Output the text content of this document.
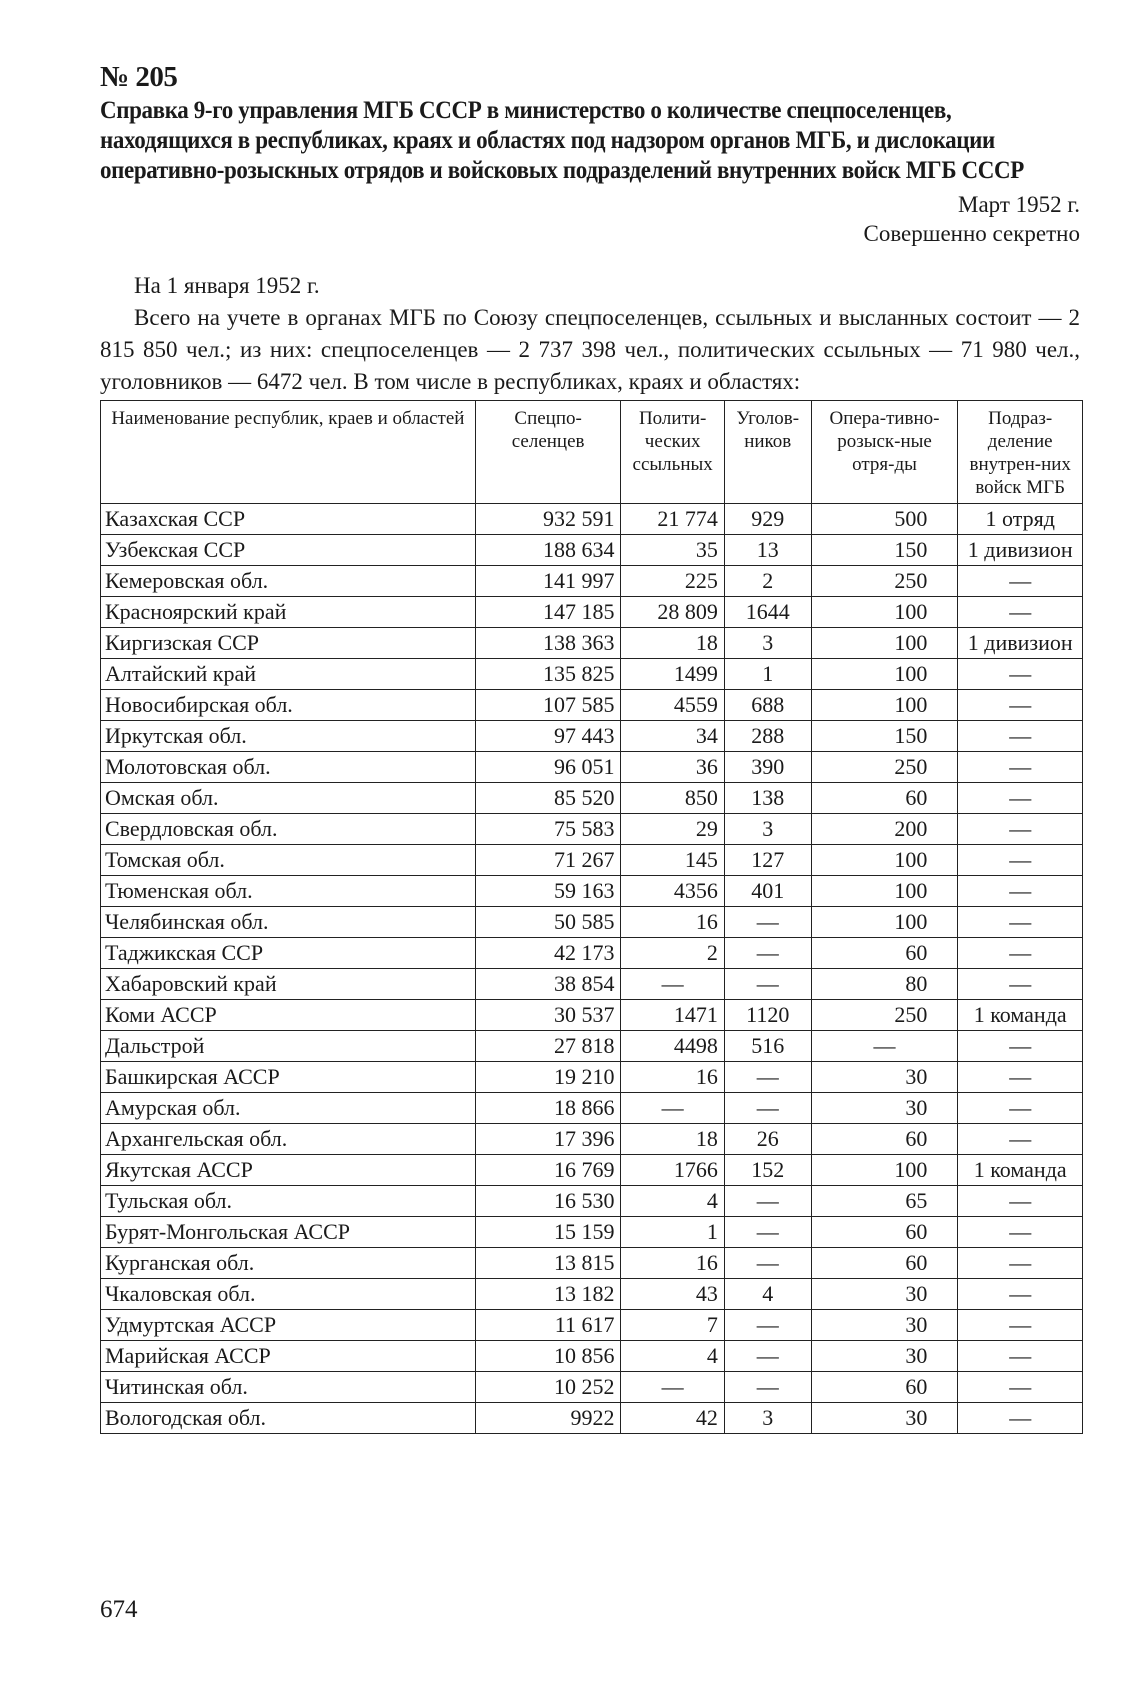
№ 205
Справка 9-го управления МГБ СССР в министерство о количестве спецпоселенцев, находящихся в республиках, краях и областях под надзором органов МГБ, и дислокации оперативно-розыскных отрядов и войсковых подразделений внутренних войск МГБ СССР
Март 1952 г.
Совершенно секретно
На 1 января 1952 г.
Всего на учете в органах МГБ по Союзу спецпоселенцев, ссыльных и высланных состоит — 2 815 850 чел.; из них: спецпоселенцев — 2 737 398 чел., политических ссыльных — 71 980 чел., уголовников — 6472 чел. В том числе в республиках, краях и областях:
Наименование республик, краев и областей	Спецпо-селенцев	Полити-ческих ссыльных	Уголов-ников	Опера-тивно-розыск-ные отря-ды	Подраз-деление внутрен-них войск МГБ
Казахская ССР	932 591	21 774	929	500	1 отряд
Узбекская ССР	188 634	35	13	150	1 дивизион
Кемеровская обл.	141 997	225	2	250	—
Красноярский край	147 185	28 809	1644	100	—
Киргизская ССР	138 363	18	3	100	1 дивизион
Алтайский край	135 825	1499	1	100	—
Новосибирская обл.	107 585	4559	688	100	—
Иркутская обл.	97 443	34	288	150	—
Молотовская обл.	96 051	36	390	250	—
Омская обл.	85 520	850	138	60	—
Свердловская обл.	75 583	29	3	200	—
Томская обл.	71 267	145	127	100	—
Тюменская обл.	59 163	4356	401	100	—
Челябинская обл.	50 585	16	—	100	—
Таджикская ССР	42 173	2	—	60	—
Хабаровский край	38 854	—	—	80	—
Коми АССР	30 537	1471	1120	250	1 команда
Дальстрой	27 818	4498	516	—	—
Башкирская АССР	19 210	16	—	30	—
Амурская обл.	18 866	—	—	30	—
Архангельская обл.	17 396	18	26	60	—
Якутская АССР	16 769	1766	152	100	1 команда
Тульская обл.	16 530	4	—	65	—
Бурят-Монгольская АССР	15 159	1	—	60	—
Курганская обл.	13 815	16	—	60	—
Чкаловская обл.	13 182	43	4	30	—
Удмуртская АССР	11 617	7	—	30	—
Марийская АССР	10 856	4	—	30	—
Читинская обл.	10 252	—	—	60	—
Вологодская обл.	9922	42	3	30	—
674
